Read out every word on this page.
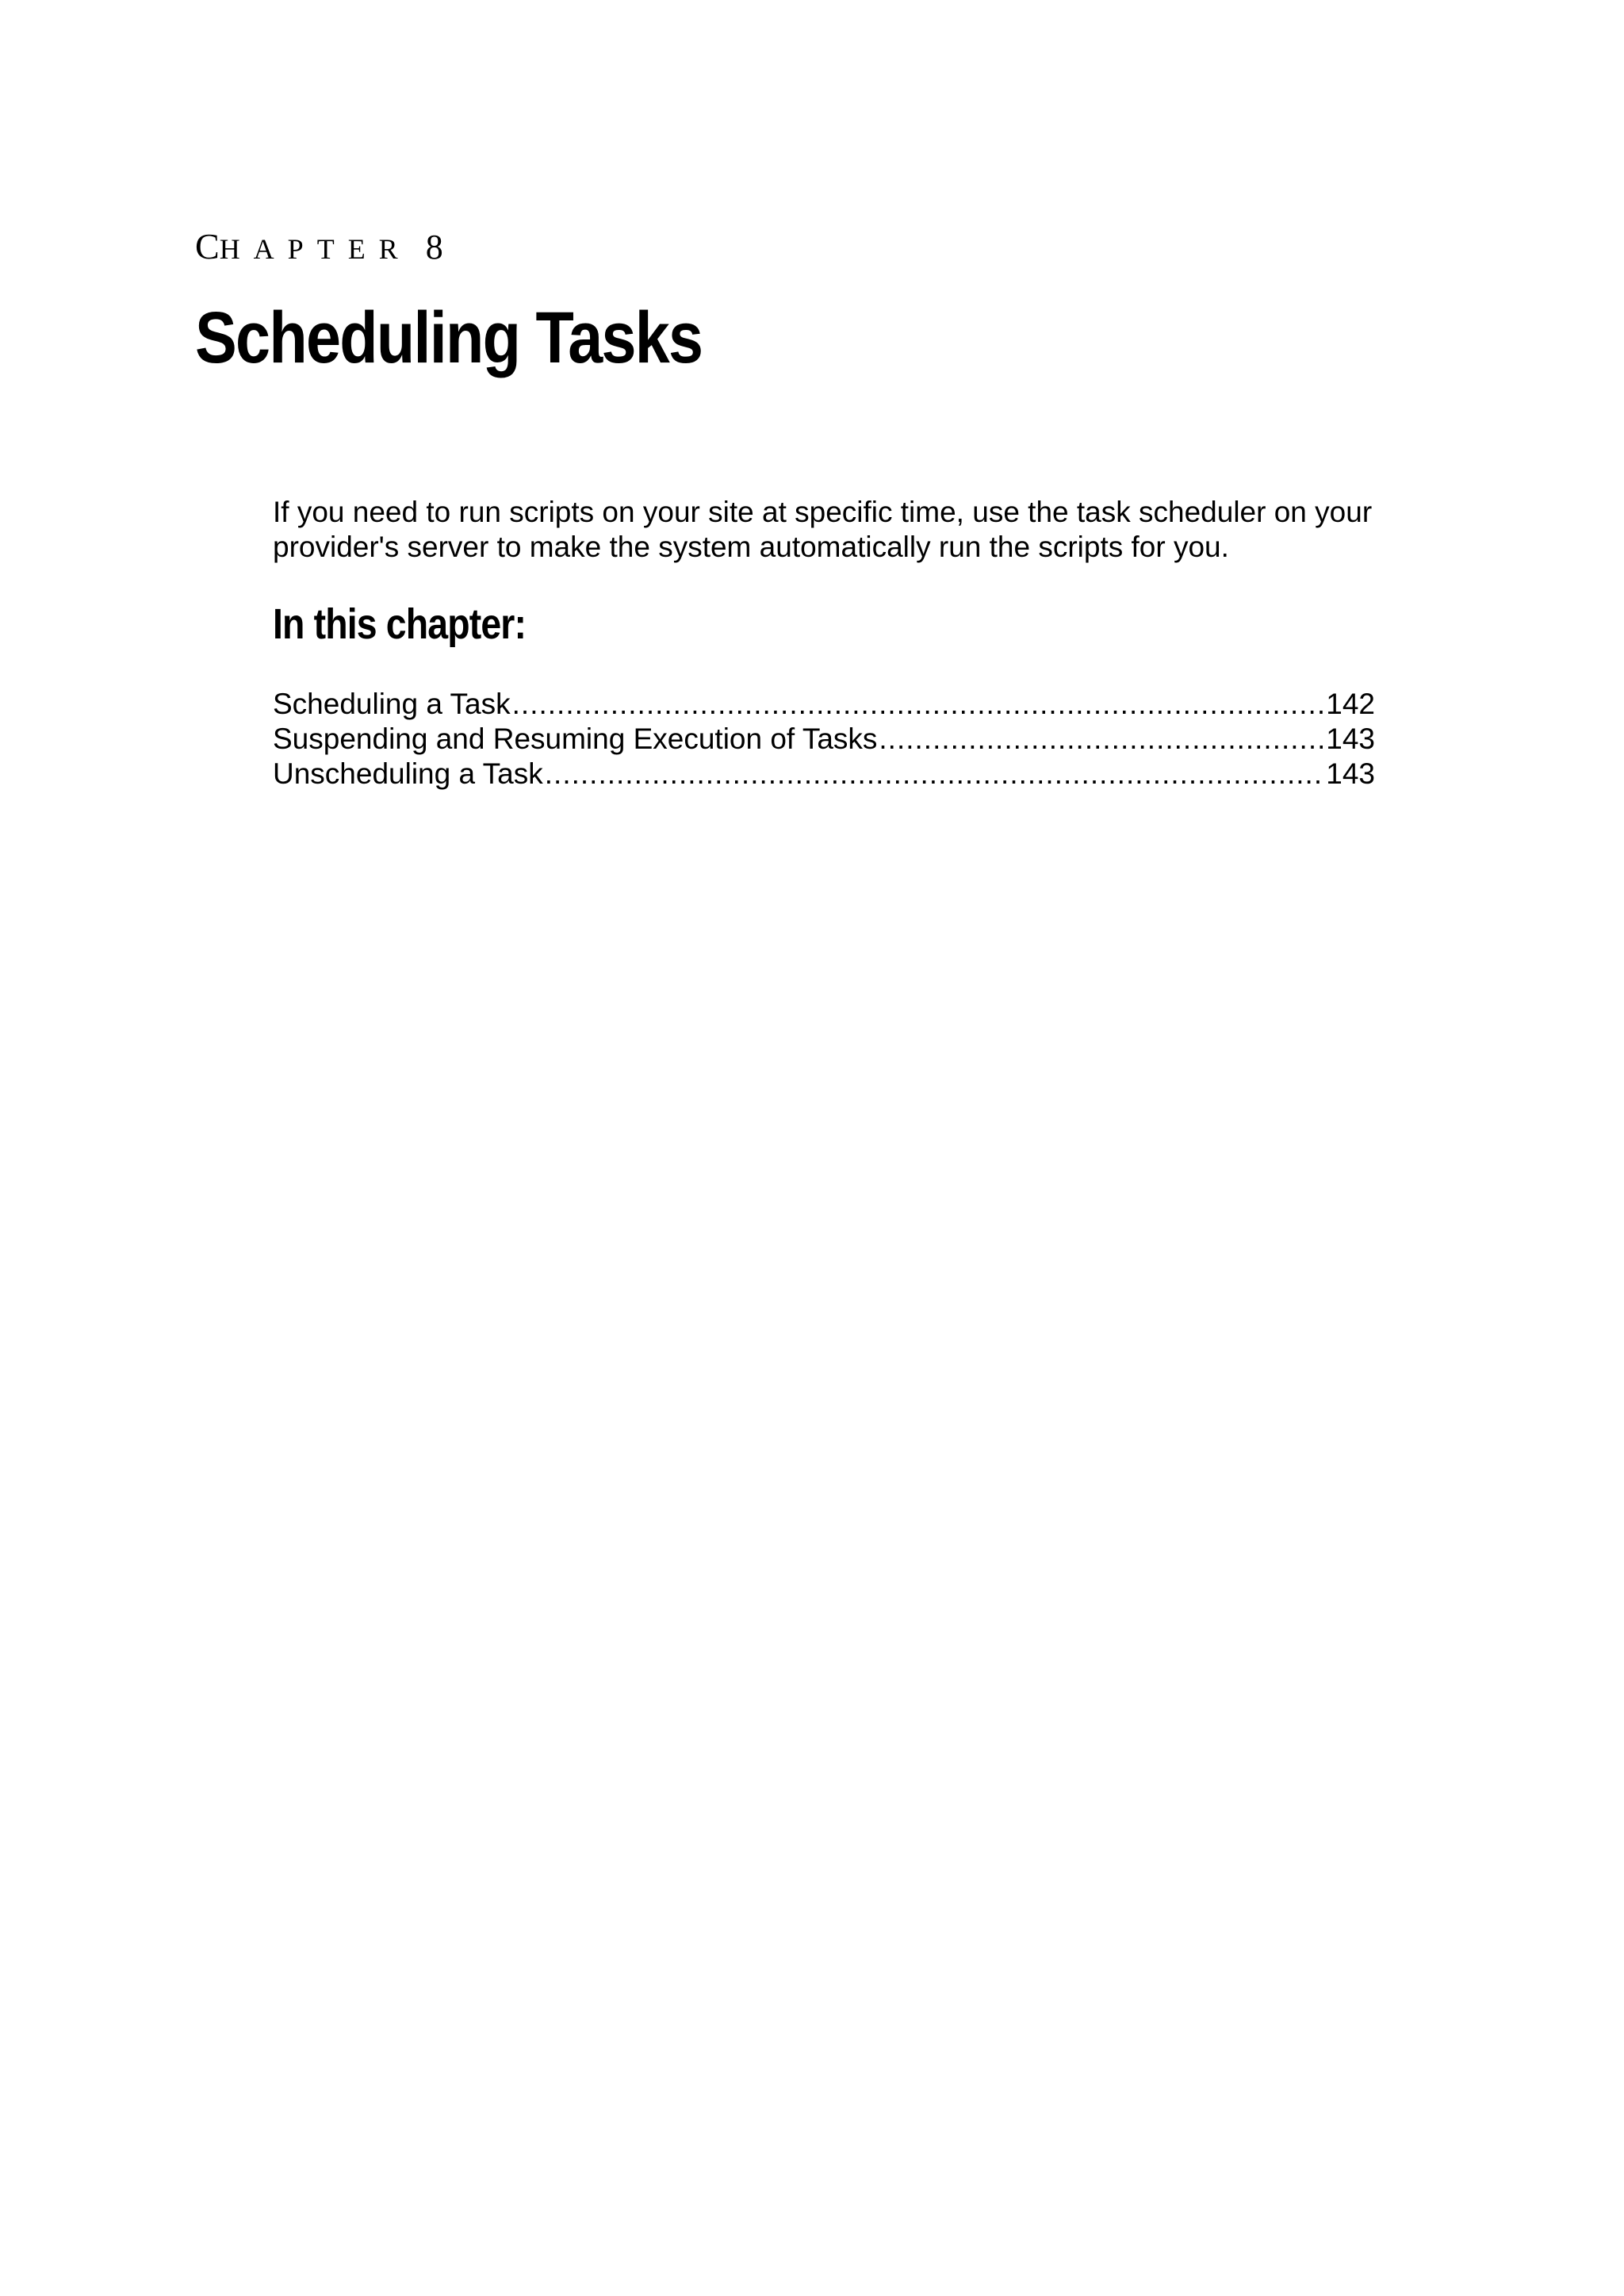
CHAPTER 8
Scheduling Tasks

If you need to run scripts on your site at specific time, use the task scheduler on your provider's server to make the system automatically run the scripts for you.

In this chapter:
Scheduling a Task .....	142
Suspending and Resuming Execution of Tasks .....	143
Unscheduling a Task .....	143
